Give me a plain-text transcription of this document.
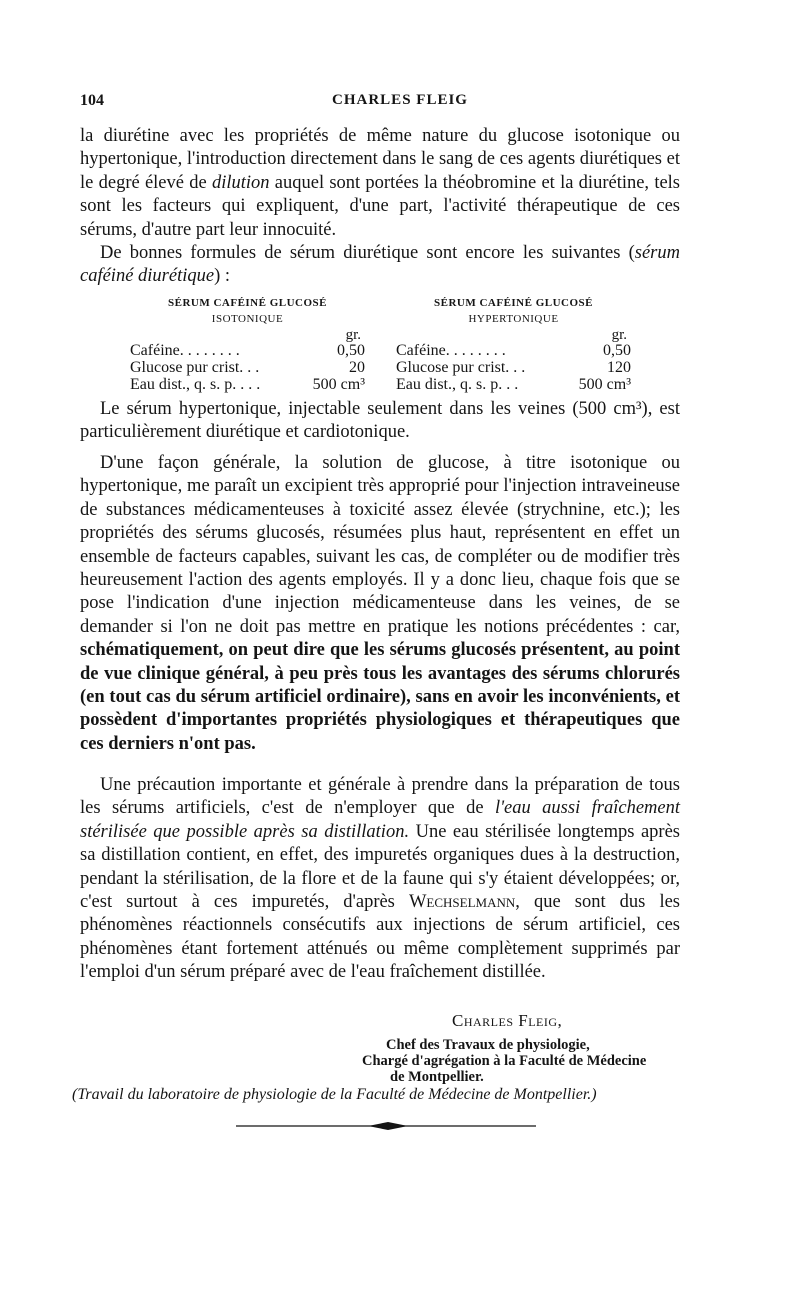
104	CHARLES FLEIG

la diurétine avec les propriétés de même nature du glucose isotonique ou hypertonique, l'introduction directement dans le sang de ces agents diurétiques et le degré élevé de dilution auquel sont portées la théobromine et la diurétine, tels sont les facteurs qui expliquent, d'une part, l'activité thérapeutique de ces sérums, d'autre part leur innocuité.

De bonnes formules de sérum diurétique sont encore les suivantes (sérum caféiné diurétique) :

SÉRUM CAFÉINÉ GLUCOSÉ
ISOTONIQUE
gr.
Caféine. . . . . . . .	0,50
Glucose pur crist. . .	20
Eau dist., q. s. p. . . .	500 cm³
SÉRUM CAFÉINÉ GLUCOSÉ
HYPERTONIQUE
gr.
Caféine. . . . . . . .	0,50
Glucose pur crist. . .	120
Eau dist., q. s. p. . .	500 cm³

Le sérum hypertonique, injectable seulement dans les veines (500 cm³), est particulièrement diurétique et cardiotonique.

D'une façon générale, la solution de glucose, à titre isotonique ou hypertonique, me paraît un excipient très approprié pour l'injection intraveineuse de substances médicamenteuses à toxicité assez élevée (strychnine, etc.); les propriétés des sérums glucosés, résumées plus haut, représentent en effet un ensemble de facteurs capables, suivant les cas, de compléter ou de modifier très heureusement l'action des agents employés. Il y a donc lieu, chaque fois que se pose l'indication d'une injection médicamenteuse dans les veines, de se demander si l'on ne doit pas mettre en pratique les notions précédentes : car, schématiquement, on peut dire que les sérums glucosés présentent, au point de vue clinique général, à peu près tous les avantages des sérums chlorurés (en tout cas du sérum artificiel ordinaire), sans en avoir les inconvénients, et possèdent d'importantes propriétés physiologiques et thérapeutiques que ces derniers n'ont pas.

Une précaution importante et générale à prendre dans la préparation de tous les sérums artificiels, c'est de n'employer que de l'eau aussi fraîchement stérilisée que possible après sa distillation. Une eau stérilisée longtemps après sa distillation contient, en effet, des impuretés organiques dues à la destruction, pendant la stérilisation, de la flore et de la faune qui s'y étaient développées; or, c'est surtout à ces impuretés, d'après Wechselmann, que sont dus les phénomènes réactionnels consécutifs aux injections de sérum artificiel, ces phénomènes étant fortement atténués ou même complètement supprimés par l'emploi d'un sérum préparé avec de l'eau fraîchement distillée.

Charles Fleig,
Chef des Travaux de physiologie,
Chargé d'agrégation à la Faculté de Médecine
de Montpellier.
(Travail du laboratoire de physiologie de la Faculté de Médecine de Montpellier.)
